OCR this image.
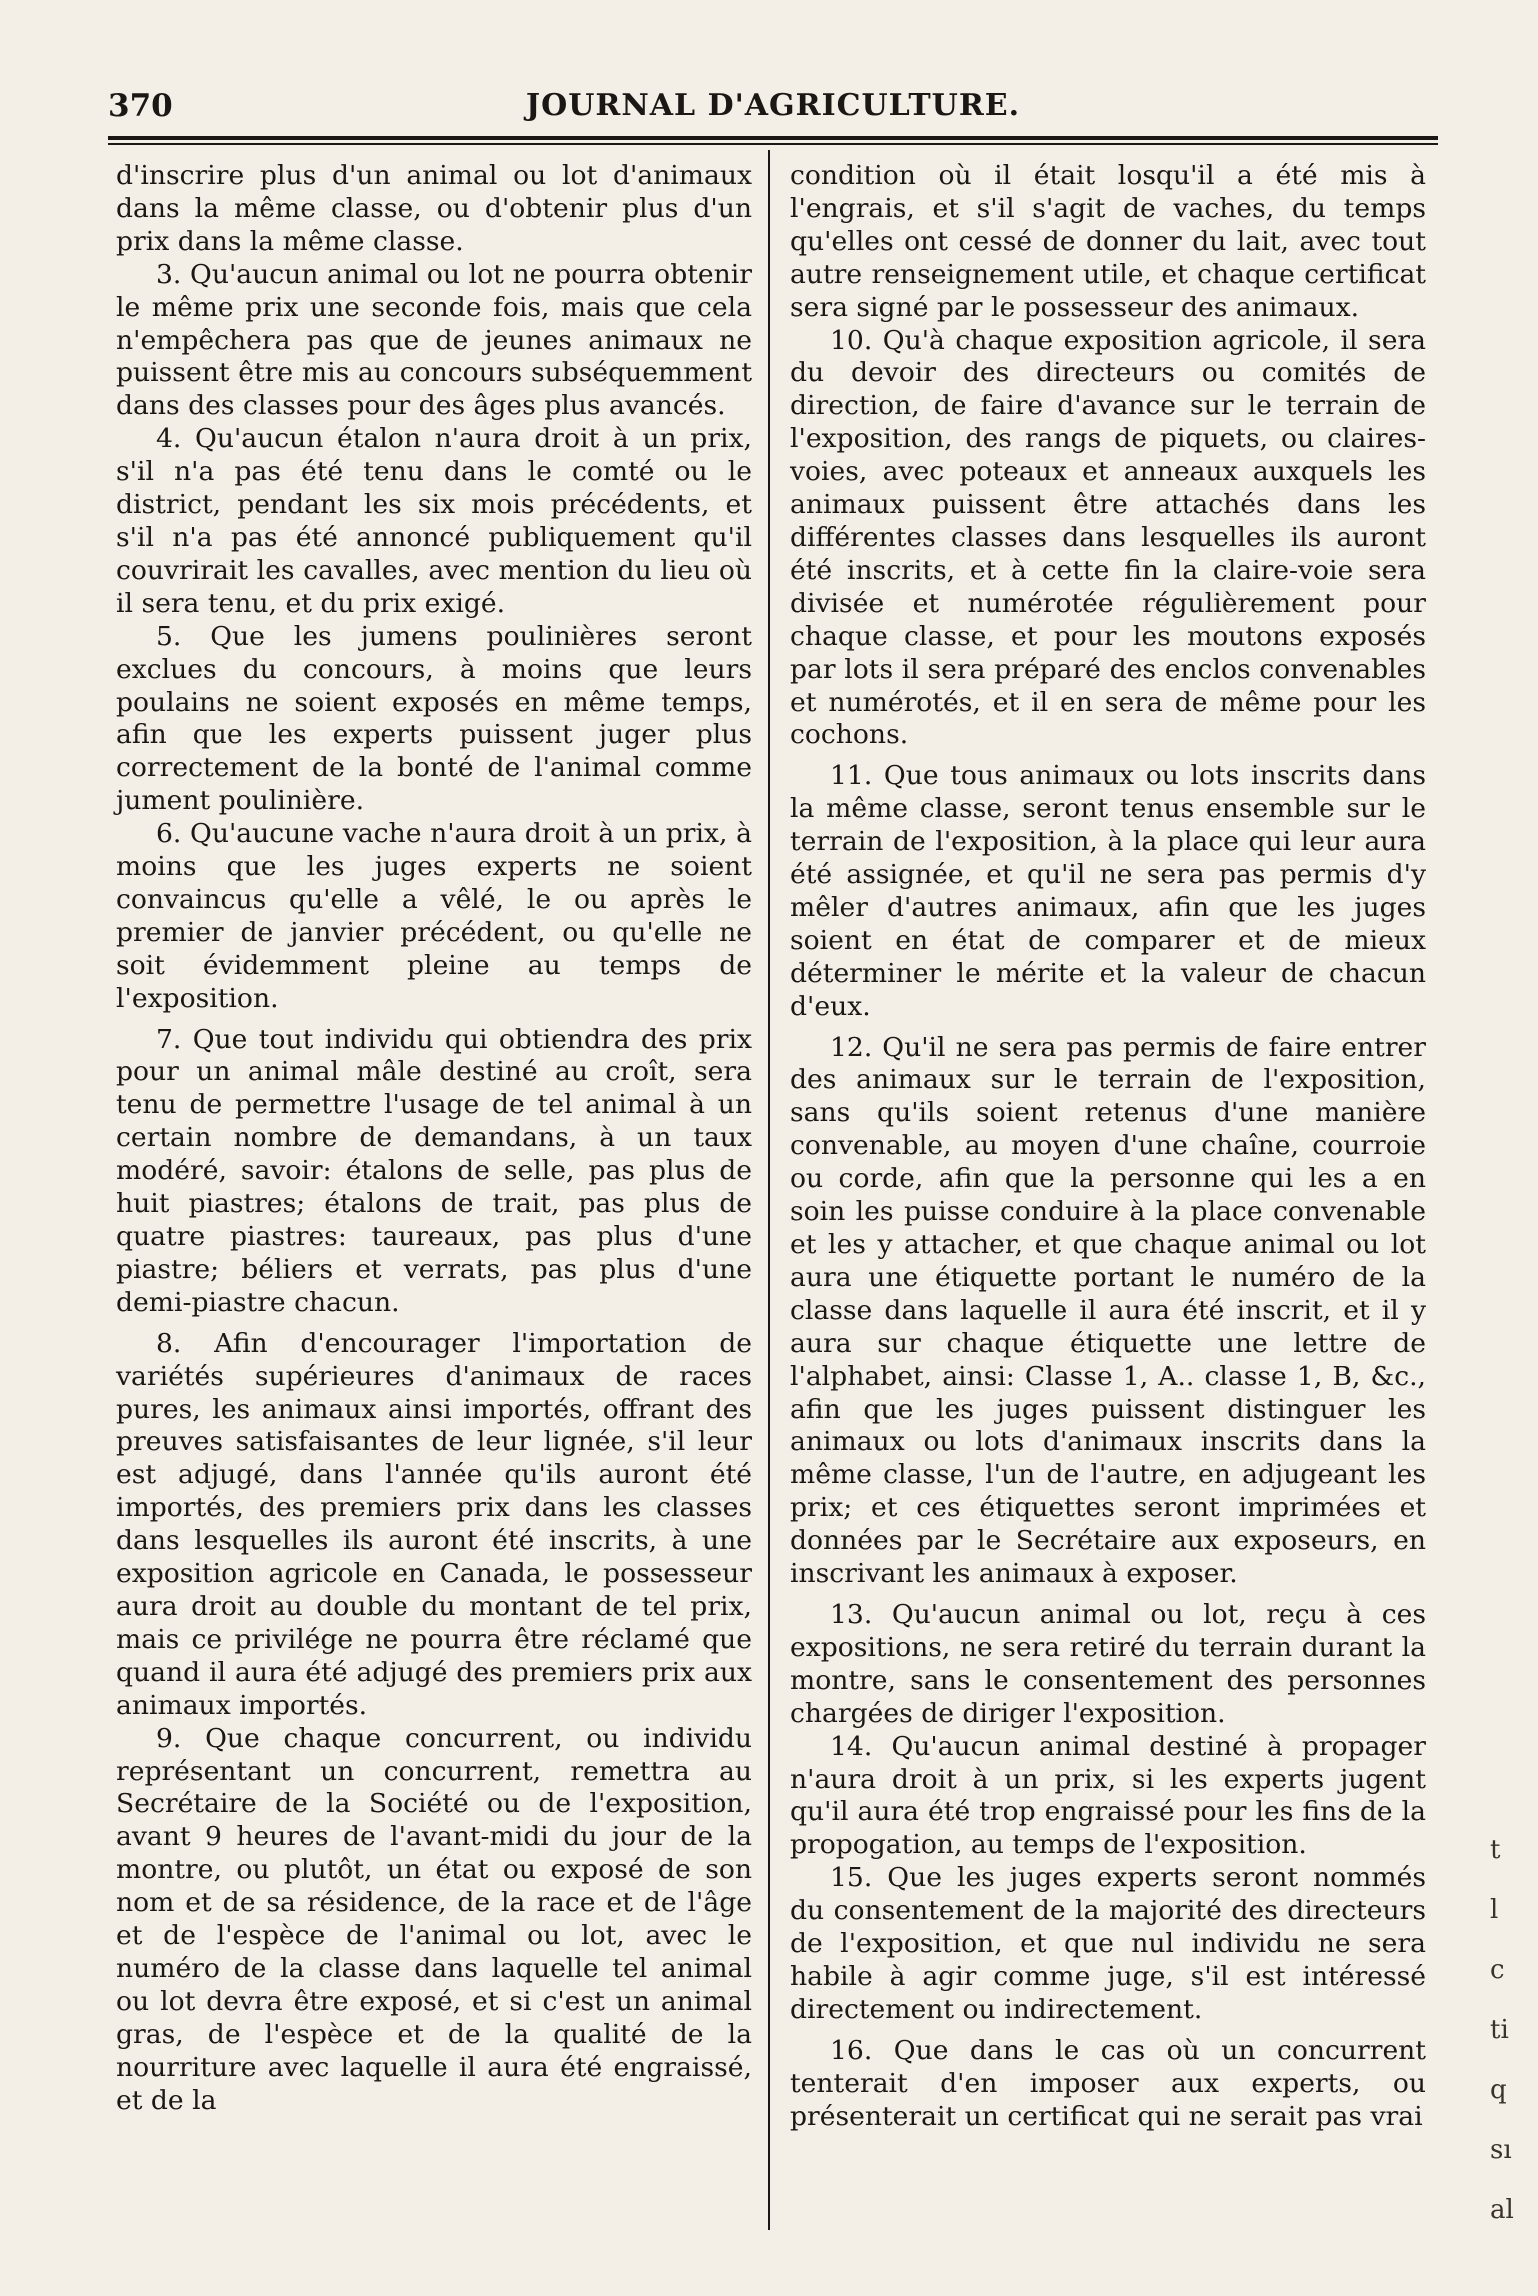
370	JOURNAL D'AGRICULTURE.

d'inscrire plus d'un animal ou lot d'animaux dans la même classe, ou d'obtenir plus d'un prix dans la même classe.

3. Qu'aucun animal ou lot ne pourra obtenir le même prix une seconde fois, mais que cela n'empêchera pas que de jeunes animaux ne puissent être mis au concours subséquemment dans des classes pour des âges plus avancés.

4. Qu'aucun étalon n'aura droit à un prix, s'il n'a pas été tenu dans le comté ou le district, pendant les six mois précédents, et s'il n'a pas été annoncé publiquement qu'il couvrirait les cavalles, avec mention du lieu où il sera tenu, et du prix exigé.

5. Que les jumens poulinières seront exclues du concours, à moins que leurs poulains ne soient exposés en même temps, afin que les experts puissent juger plus correctement de la bonté de l'animal comme jument poulinière.

6. Qu'aucune vache n'aura droit à un prix, à moins que les juges experts ne soient convaincus qu'elle a vêlé, le ou après le premier de janvier précédent, ou qu'elle ne soit évidemment pleine au temps de l'exposition.

7. Que tout individu qui obtiendra des prix pour un animal mâle destiné au croît, sera tenu de permettre l'usage de tel animal à un certain nombre de demandans, à un taux modéré, savoir: étalons de selle, pas plus de huit piastres; étalons de trait, pas plus de quatre piastres: taureaux, pas plus d'une piastre; béliers et verrats, pas plus d'une demi-piastre chacun.

8. Afin d'encourager l'importation de variétés supérieures d'animaux de races pures, les animaux ainsi importés, offrant des preuves satisfaisantes de leur lignée, s'il leur est adjugé, dans l'année qu'ils auront été importés, des premiers prix dans les classes dans lesquelles ils auront été inscrits, à une exposition agricole en Canada, le possesseur aura droit au double du montant de tel prix, mais ce privilége ne pourra être réclamé que quand il aura été adjugé des premiers prix aux animaux importés.

9. Que chaque concurrent, ou individu représentant un concurrent, remettra au Secrétaire de la Société ou de l'exposition, avant 9 heures de l'avant-midi du jour de la montre, ou plutôt, un état ou exposé de son nom et de sa résidence, de la race et de l'âge et de l'espèce de l'animal ou lot, avec le numéro de la classe dans laquelle tel animal ou lot devra être exposé, et si c'est un animal gras, de l'espèce et de la qualité de la nourriture avec laquelle il aura été engraissé, et de la

condition où il était losqu'il a été mis à l'engrais, et s'il s'agit de vaches, du temps qu'elles ont cessé de donner du lait, avec tout autre renseignement utile, et chaque certificat sera signé par le possesseur des animaux.

10. Qu'à chaque exposition agricole, il sera du devoir des directeurs ou comités de direction, de faire d'avance sur le terrain de l'exposition, des rangs de piquets, ou claires-voies, avec poteaux et anneaux auxquels les animaux puissent être attachés dans les différentes classes dans lesquelles ils auront été inscrits, et à cette fin la claire-voie sera divisée et numérotée régulièrement pour chaque classe, et pour les moutons exposés par lots il sera préparé des enclos convenables et numérotés, et il en sera de même pour les cochons.

11. Que tous animaux ou lots inscrits dans la même classe, seront tenus ensemble sur le terrain de l'exposition, à la place qui leur aura été assignée, et qu'il ne sera pas permis d'y mêler d'autres animaux, afin que les juges soient en état de comparer et de mieux déterminer le mérite et la valeur de chacun d'eux.

12. Qu'il ne sera pas permis de faire entrer des animaux sur le terrain de l'exposition, sans qu'ils soient retenus d'une manière convenable, au moyen d'une chaîne, courroie ou corde, afin que la personne qui les a en soin les puisse conduire à la place convenable et les y attacher, et que chaque animal ou lot aura une étiquette portant le numéro de la classe dans laquelle il aura été inscrit, et il y aura sur chaque étiquette une lettre de l'alphabet, ainsi: Classe 1, A.. classe 1, B, &c., afin que les juges puissent distinguer les animaux ou lots d'animaux inscrits dans la même classe, l'un de l'autre, en adjugeant les prix; et ces étiquettes seront imprimées et données par le Secrétaire aux exposeurs, en inscrivant les animaux à exposer.

13. Qu'aucun animal ou lot, reçu à ces expositions, ne sera retiré du terrain durant la montre, sans le consentement des personnes chargées de diriger l'exposition.

14. Qu'aucun animal destiné à propager n'aura droit à un prix, si les experts jugent qu'il aura été trop engraissé pour les fins de la propogation, au temps de l'exposition.

15. Que les juges experts seront nommés du consentement de la majorité des directeurs de l'exposition, et que nul individu ne sera habile à agir comme juge, s'il est intéressé directement ou indirectement.

16. Que dans le cas où un concurrent tenterait d'en imposer aux experts, ou présenterait un certificat qui ne serait pas vrai

t
l
c
ti
q
sı
al
